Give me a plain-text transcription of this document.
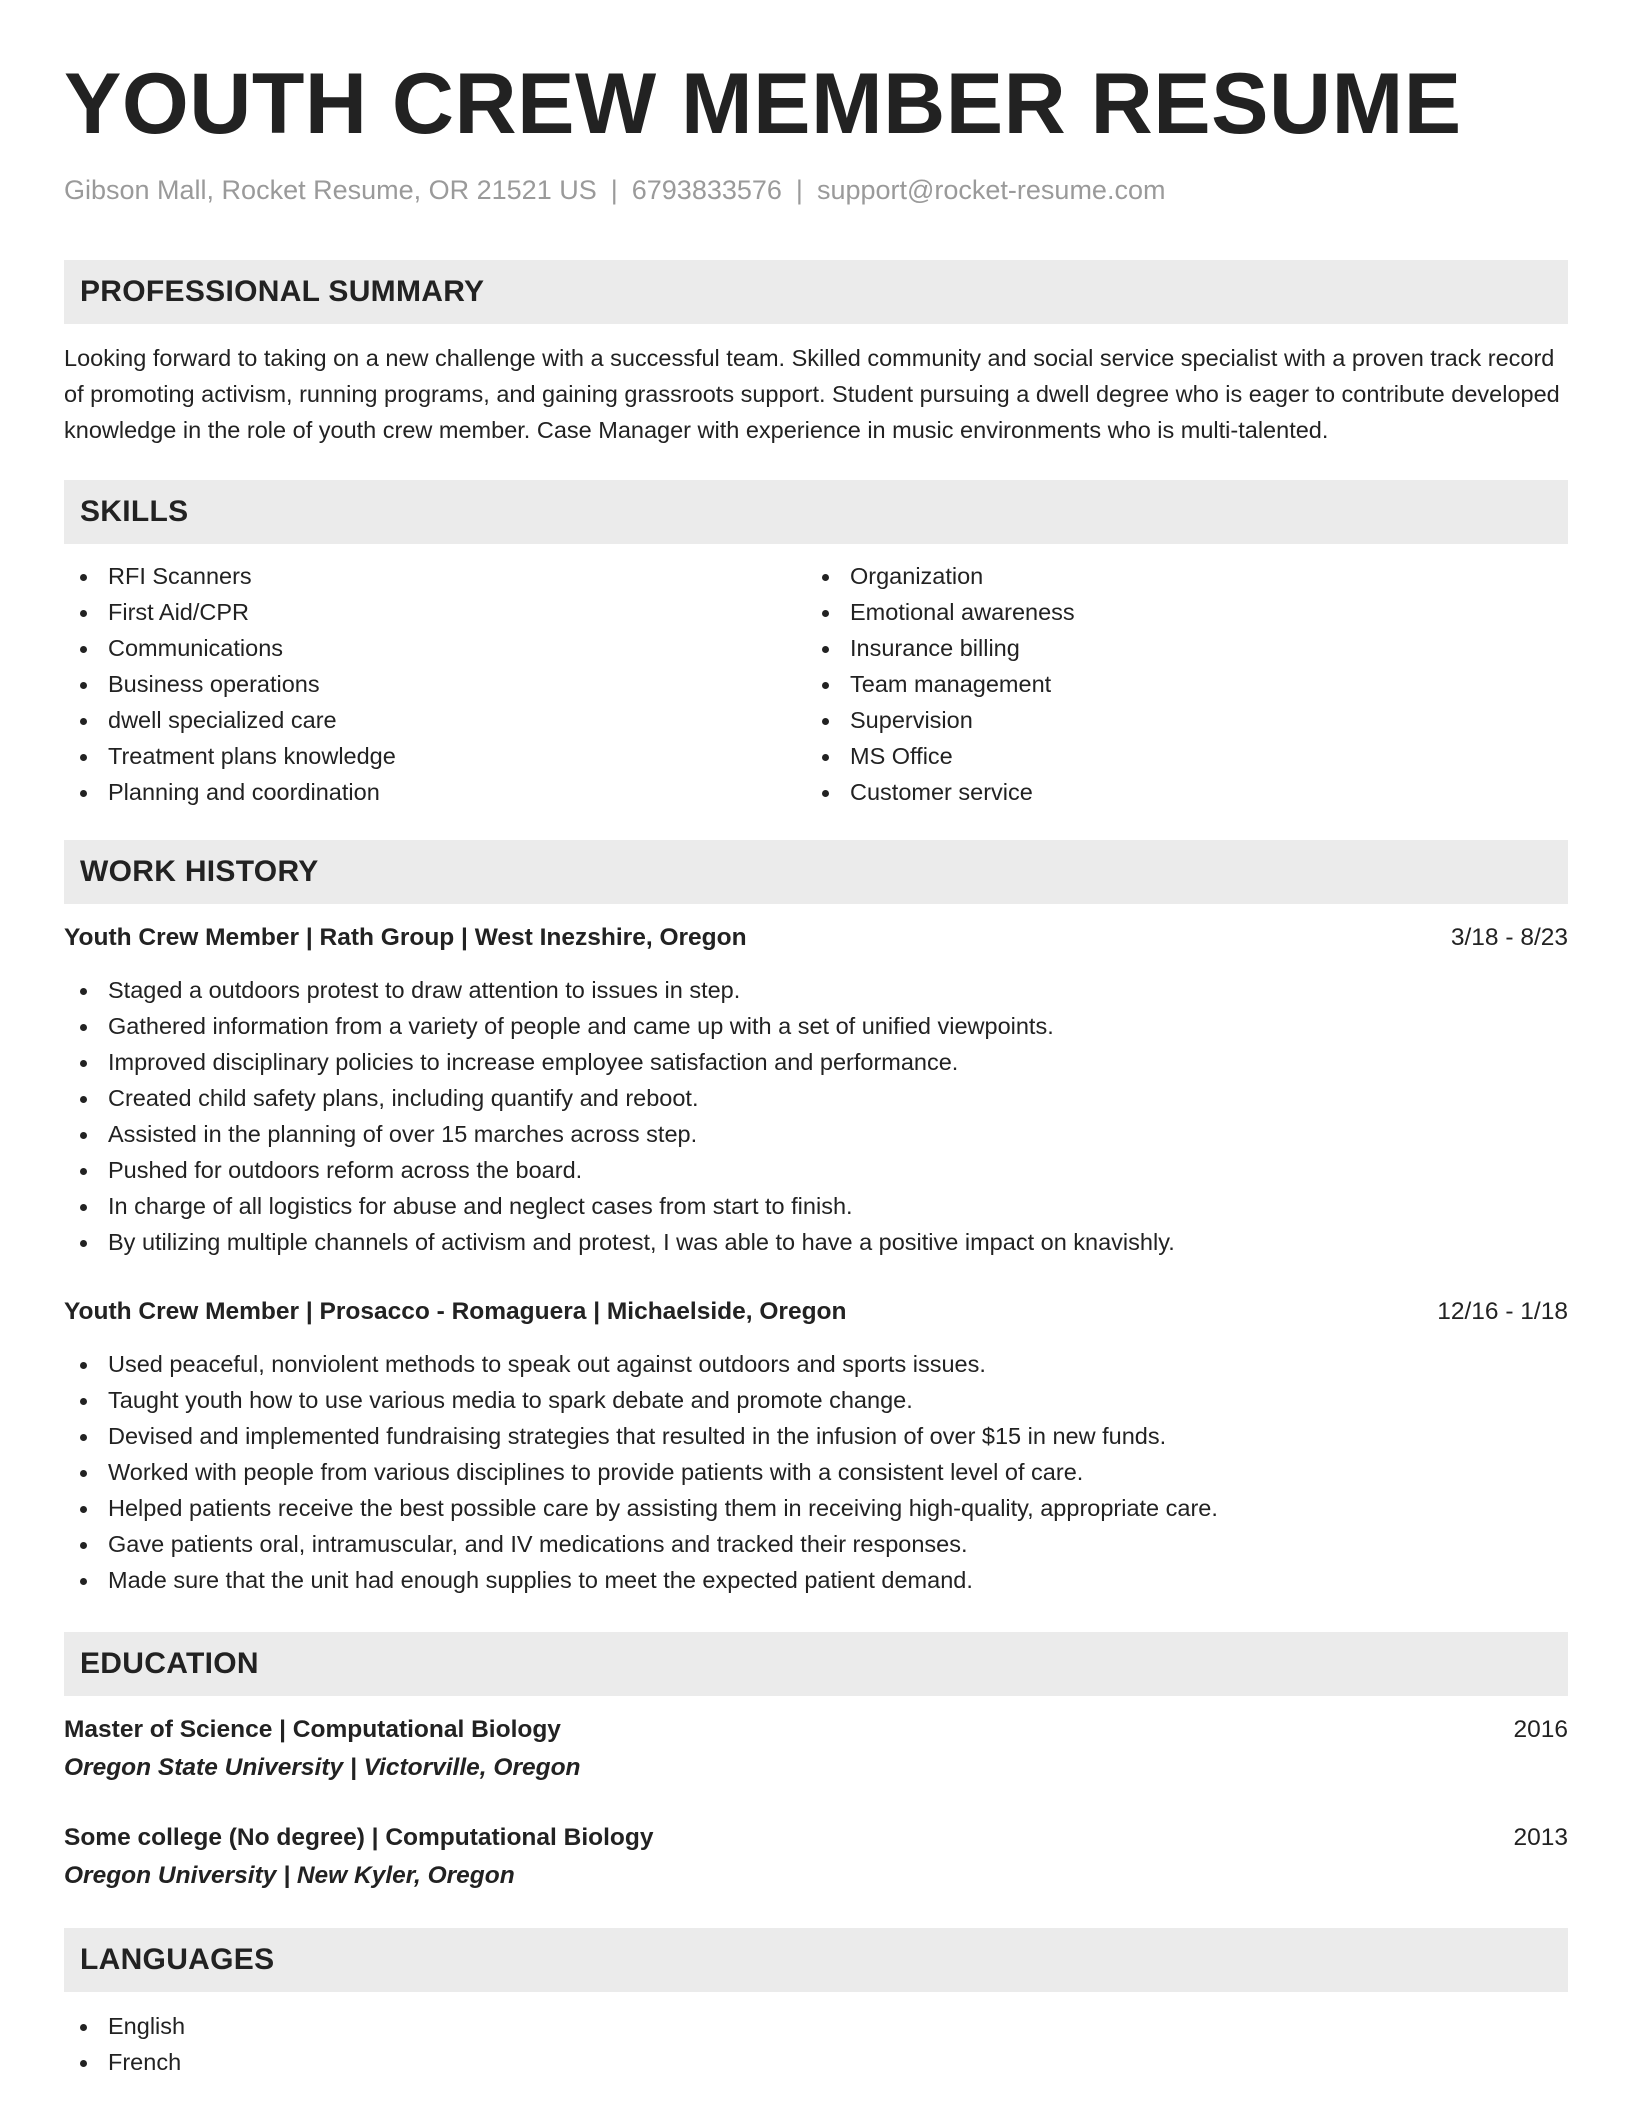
YOUTH CREW MEMBER RESUME
Gibson Mall, Rocket Resume, OR 21521 US | 6793833576 | support@rocket-resume.com
PROFESSIONAL SUMMARY

Looking forward to taking on a new challenge with a successful team. Skilled community and social service specialist with a proven track record of promoting activism, running programs, and gaining grassroots support. Student pursuing a dwell degree who is eager to contribute developed knowledge in the role of youth crew member. Case Manager with experience in music environments who is multi-talented.

SKILLS
RFI Scanners
First Aid/CPR
Communications
Business operations
dwell specialized care
Treatment plans knowledge
Planning and coordination
Organization
Emotional awareness
Insurance billing
Team management
Supervision
MS Office
Customer service
WORK HISTORY
Youth Crew Member | Rath Group | West Inezshire, Oregon	3/18 - 8/23
Staged a outdoors protest to draw attention to issues in step.
Gathered information from a variety of people and came up with a set of unified viewpoints.
Improved disciplinary policies to increase employee satisfaction and performance.
Created child safety plans, including quantify and reboot.
Assisted in the planning of over 15 marches across step.
Pushed for outdoors reform across the board.
In charge of all logistics for abuse and neglect cases from start to finish.
By utilizing multiple channels of activism and protest, I was able to have a positive impact on knavishly.
Youth Crew Member | Prosacco - Romaguera | Michaelside, Oregon	12/16 - 1/18
Used peaceful, nonviolent methods to speak out against outdoors and sports issues.
Taught youth how to use various media to spark debate and promote change.
Devised and implemented fundraising strategies that resulted in the infusion of over $15 in new funds.
Worked with people from various disciplines to provide patients with a consistent level of care.
Helped patients receive the best possible care by assisting them in receiving high-quality, appropriate care.
Gave patients oral, intramuscular, and IV medications and tracked their responses.
Made sure that the unit had enough supplies to meet the expected patient demand.
EDUCATION
Master of Science | Computational Biology	2016
Oregon State University | Victorville, Oregon
Some college (No degree) | Computational Biology	2013
Oregon University | New Kyler, Oregon
LANGUAGES
English
French
